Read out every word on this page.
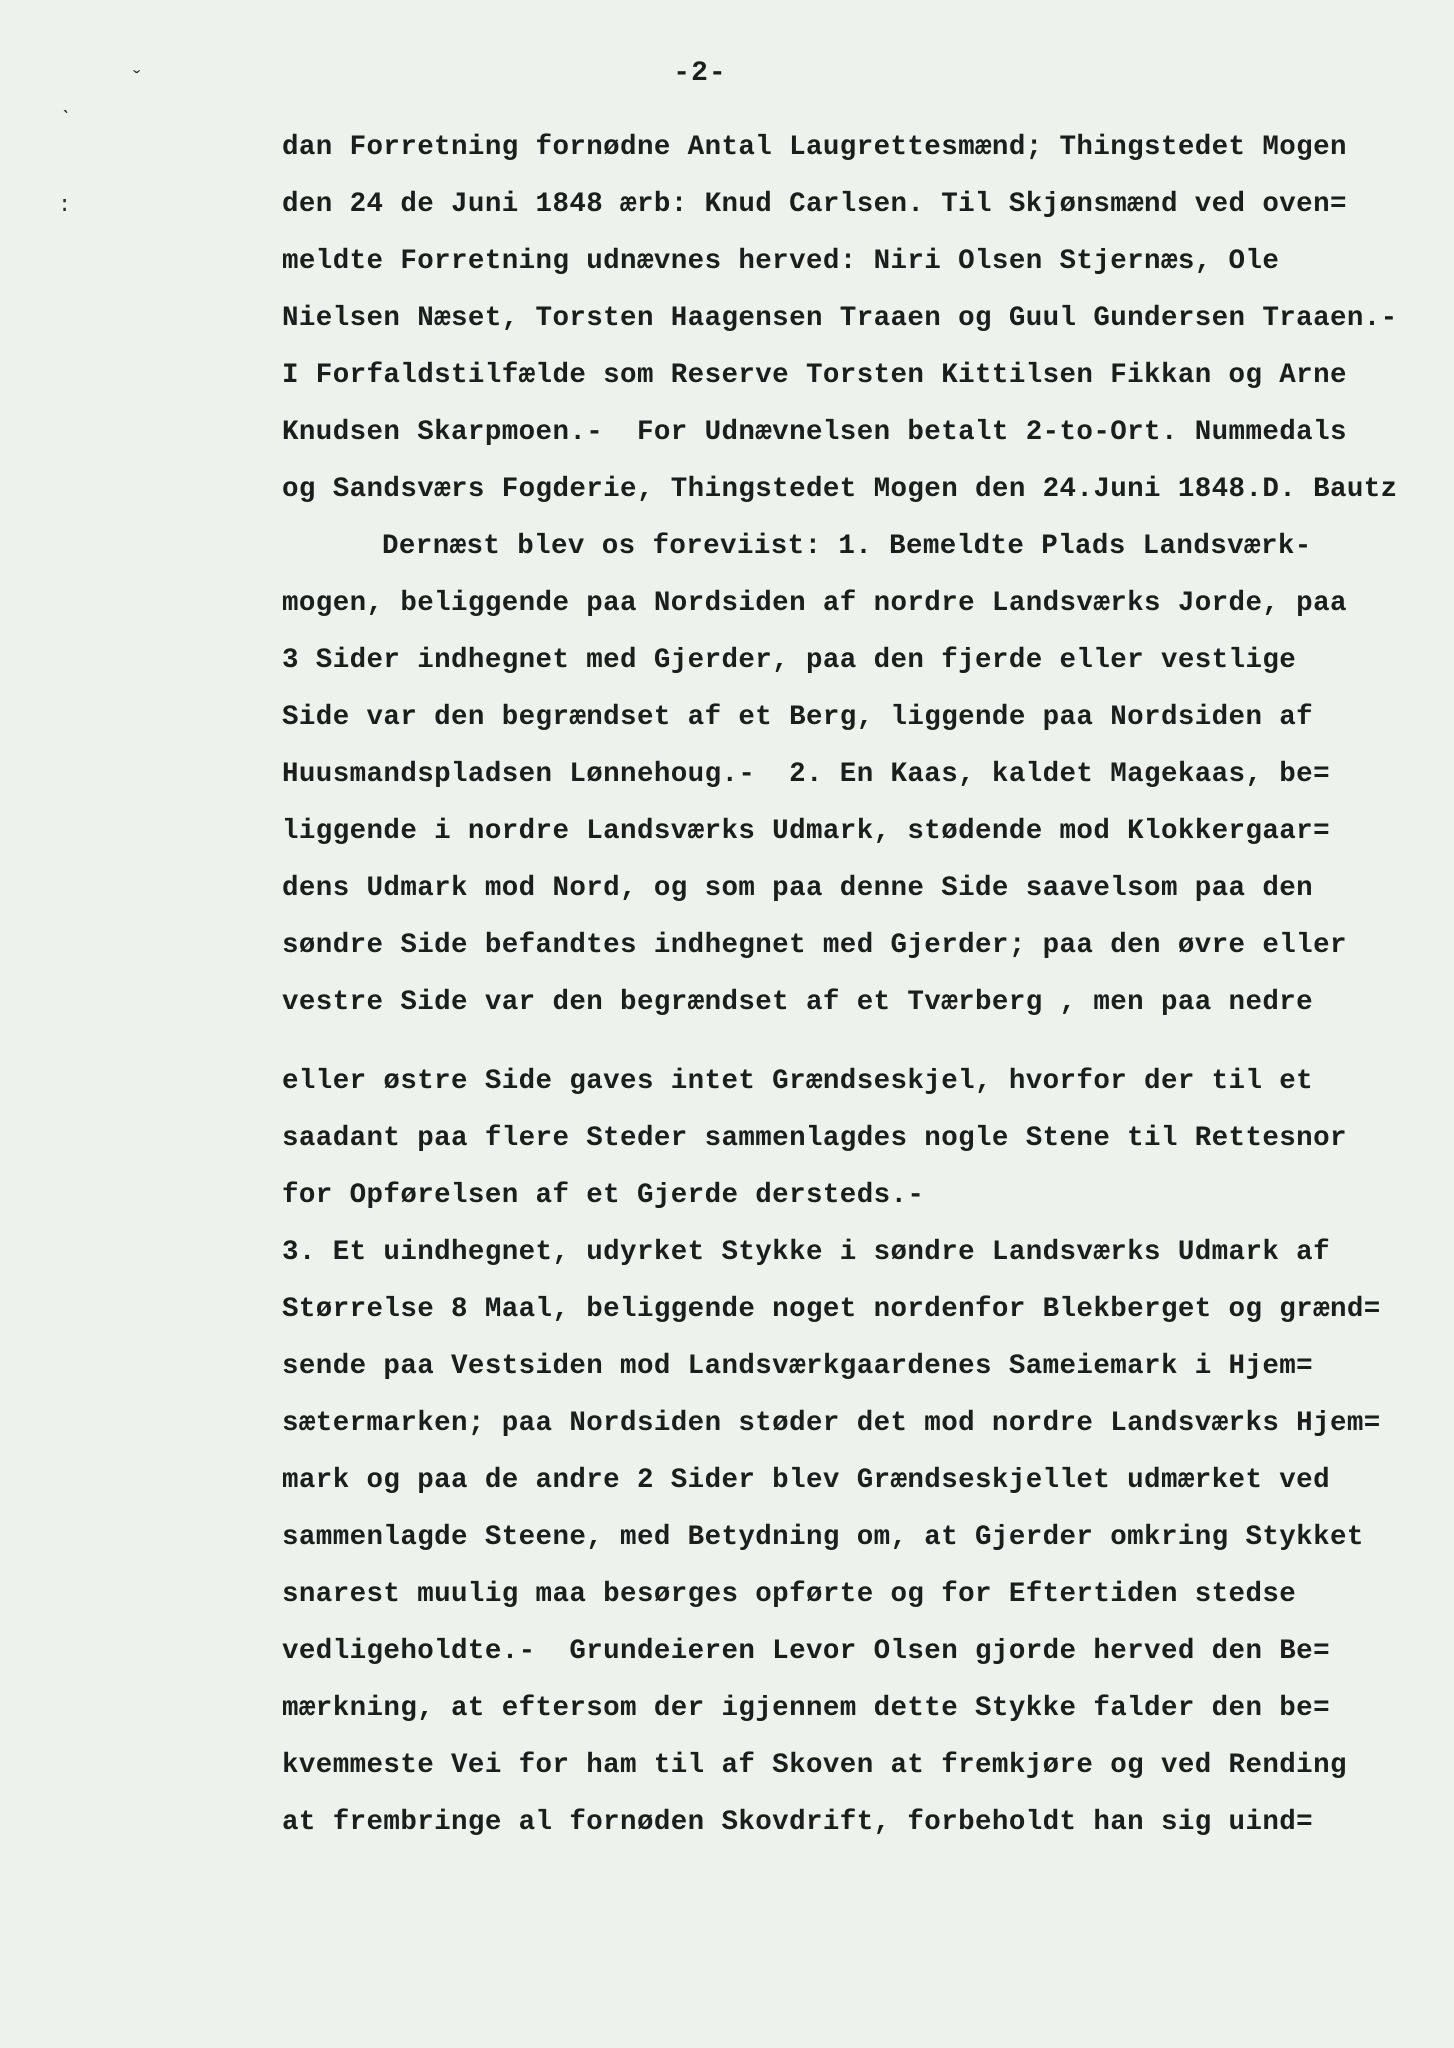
ˇ
ˋ
:
-2-
dan Forretning fornødne Antal Laugrettesmænd; Thingstedet Mogen
den 24 de Juni 1848 ærb: Knud Carlsen. Til Skjønsmænd ved oven=
meldte Forretning udnævnes herved: Niri Olsen Stjernæs, Ole
Nielsen Næset, Torsten Haagensen Traaen og Guul Gundersen Traaen.-
I Forfaldstilfælde som Reserve Torsten Kittilsen Fikkan og Arne
Knudsen Skarpmoen.-  For Udnævnelsen betalt 2-to-Ort. Nummedals
og Sandsværs Fogderie, Thingstedet Mogen den 24.Juni 1848.D. Bautz
Dernæst blev os foreviist: 1. Bemeldte Plads Landsværk-
mogen, beliggende paa Nordsiden af nordre Landsværks Jorde, paa
3 Sider indhegnet med Gjerder, paa den fjerde eller vestlige
Side var den begrændset af et Berg, liggende paa Nordsiden af
Huusmandspladsen Lønnehoug.-  2. En Kaas, kaldet Magekaas, be=
liggende i nordre Landsværks Udmark, stødende mod Klokkergaar=
dens Udmark mod Nord, og som paa denne Side saavelsom paa den
søndre Side befandtes indhegnet med Gjerder; paa den øvre eller
vestre Side var den begrændset af et Tværberg , men paa nedre
eller østre Side gaves intet Grændseskjel, hvorfor der til et
saadant paa flere Steder sammenlagdes nogle Stene til Rettesnor
for Opførelsen af et Gjerde dersteds.-
3. Et uindhegnet, udyrket Stykke i søndre Landsværks Udmark af
Størrelse 8 Maal, beliggende noget nordenfor Blekberget og grænd=
sende paa Vestsiden mod Landsværkgaardenes Sameiemark i Hjem=
sætermarken; paa Nordsiden støder det mod nordre Landsværks Hjem=
mark og paa de andre 2 Sider blev Grændseskjellet udmærket ved
sammenlagde Steene, med Betydning om, at Gjerder omkring Stykket
snarest muulig maa besørges opførte og for Eftertiden stedse
vedligeholdte.-  Grundeieren Levor Olsen gjorde herved den Be=
mærkning, at eftersom der igjennem dette Stykke falder den be=
kvemmeste Vei for ham til af Skoven at fremkjøre og ved Rending
at frembringe al fornøden Skovdrift, forbeholdt han sig uind=
